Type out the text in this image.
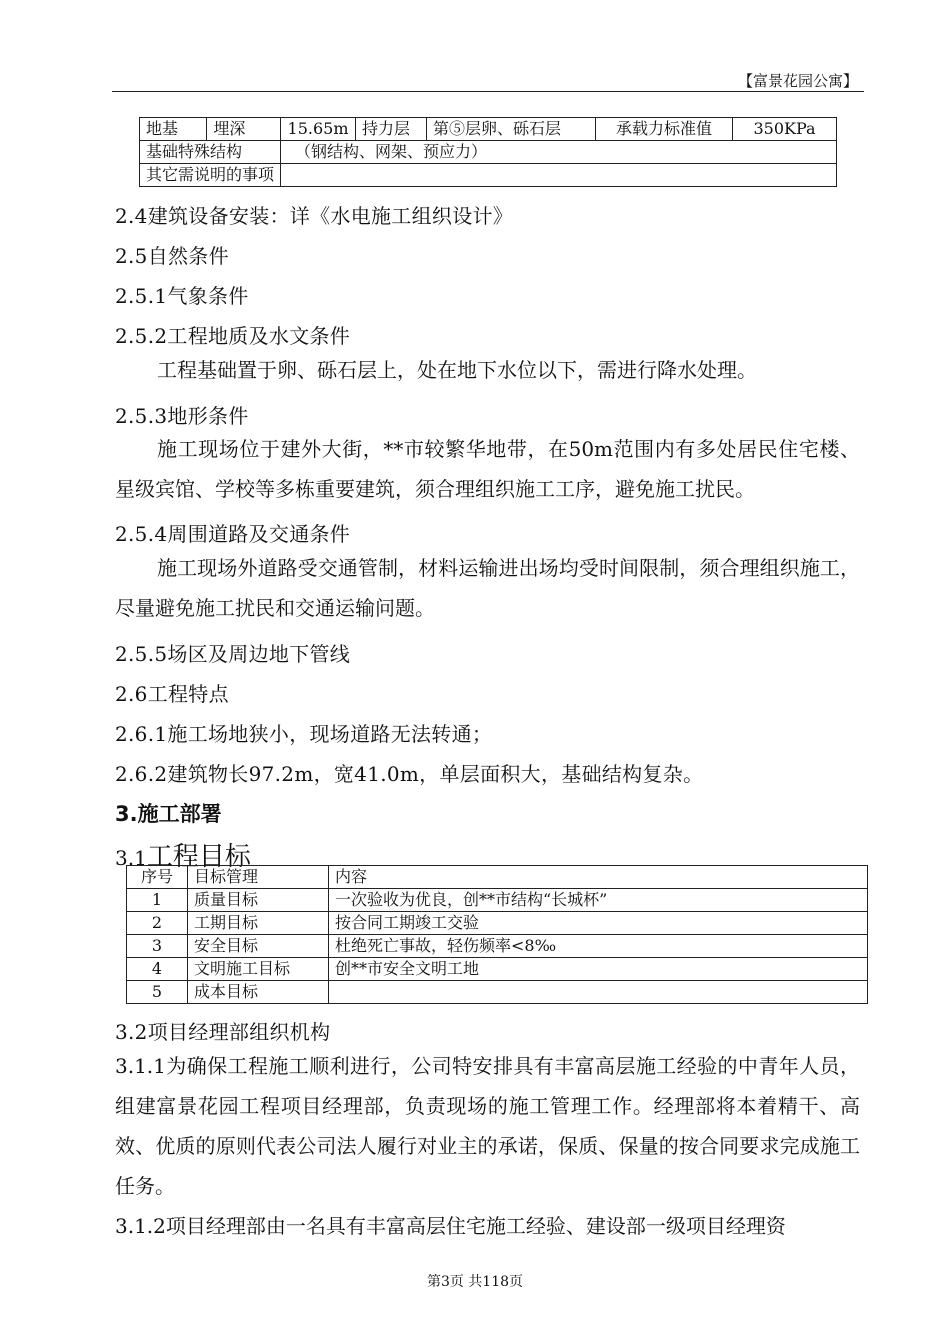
【富景花园公寓】
地基	埋深	15.65m	持力层	第⑤层卵、砾石层	承载力标准值	350KPa
基础特殊结构		（钢结构、网架、预应力）				
其它需说明的事项						
2.4建筑设备安装：详《水电施工组织设计》
2.5自然条件
2.5.1气象条件
2.5.2工程地质及水文条件
工程基础置于卵、砾石层上，处在地下水位以下，需进行降水处理。
2.5.3地形条件
施工现场位于建外大街，**市较繁华地带，在50m范围内有多处居民住宅楼、星级宾馆、学校等多栋重要建筑，须合理组织施工工序，避免施工扰民。
2.5.4周围道路及交通条件
施工现场外道路受交通管制，材料运输进出场均受时间限制，须合理组织施工，尽量避免施工扰民和交通运输问题。
2.5.5场区及周边地下管线
2.6工程特点
2.6.1施工场地狭小，现场道路无法转通；
2.6.2建筑物长97.2m，宽41.0m，单层面积大，基础结构复杂。
3.施工部署
3.1工程目标
序号	目标管理	内容
1	质量目标	一次验收为优良，创**市结构“长城杯”
2	工期目标	按合同工期竣工交验
3	安全目标	杜绝死亡事故，轻伤频率<8‰
4	文明施工目标	创**市安全文明工地
5	成本目标	
3.2项目经理部组织机构
3.1.1为确保工程施工顺利进行，公司特安排具有丰富高层施工经验的中青年人员，组建富景花园工程项目经理部，负责现场的施工管理工作。经理部将本着精干、高效、优质的原则代表公司法人履行对业主的承诺，保质、保量的按合同要求完成施工任务。
3.1.2项目经理部由一名具有丰富高层住宅施工经验、建设部一级项目经理资
第3页 共118页
